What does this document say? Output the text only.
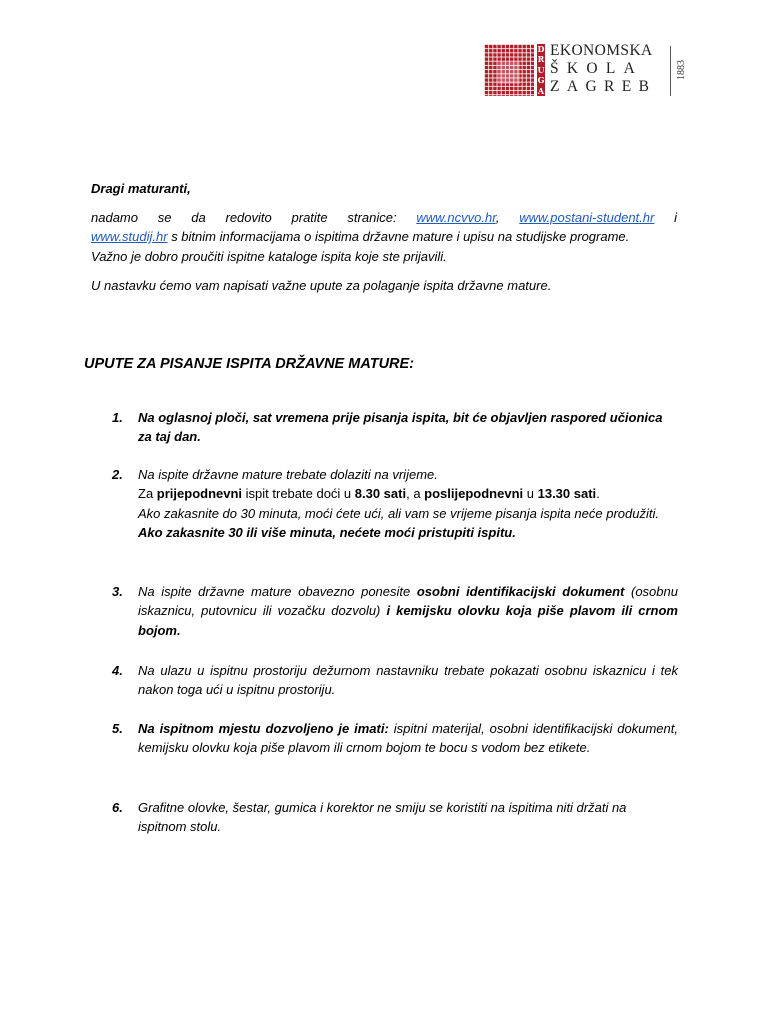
D
R
U
G
A
EKONOMSKA
ŠKOLA
ZAGREB
1883
Dragi maturanti,
nadamo se da redovito pratite stranice: www.ncvvo.hr, www.postani-student.hr i
www.studij.hr s bitnim informacijama o ispitima državne mature i upisu na studijske programe.
Važno je dobro proučiti ispitne kataloge ispita koje ste prijavili.
U nastavku ćemo vam napisati važne upute za polaganje ispita državne mature.
UPUTE ZA PISANJE ISPITA DRŽAVNE MATURE:
1. Na oglasnoj ploči, sat vremena prije pisanja ispita, bit će objavljen raspored učionica za taj dan.

2. Na ispite državne mature trebate dolaziti na vrijeme.

Za prijepodnevni ispit trebate doći u 8.30 sati, a poslijepodnevni u 13.30 sati.

Ako zakasnite do 30 minuta, moći ćete ući, ali vam se vrijeme pisanja ispita neće produžiti.

Ako zakasnite 30 ili više minuta, nećete moći pristupiti ispitu.

3. Na ispite državne mature obavezno ponesite osobni identifikacijski dokument (osobnu iskaznicu, putovnicu ili vozačku dozvolu) i kemijsku olovku koja piše plavom ili crnom bojom.

4. Na ulazu u ispitnu prostoriju dežurnom nastavniku trebate pokazati osobnu iskaznicu i tek nakon toga ući u ispitnu prostoriju.

5. Na ispitnom mjestu dozvoljeno je imati: ispitni materijal, osobni identifikacijski dokument, kemijsku olovku koja piše plavom ili crnom bojom te bocu s vodom bez etikete.

6. Grafitne olovke, šestar, gumica i korektor ne smiju se koristiti na ispitima niti držati na ispitnom stolu.
